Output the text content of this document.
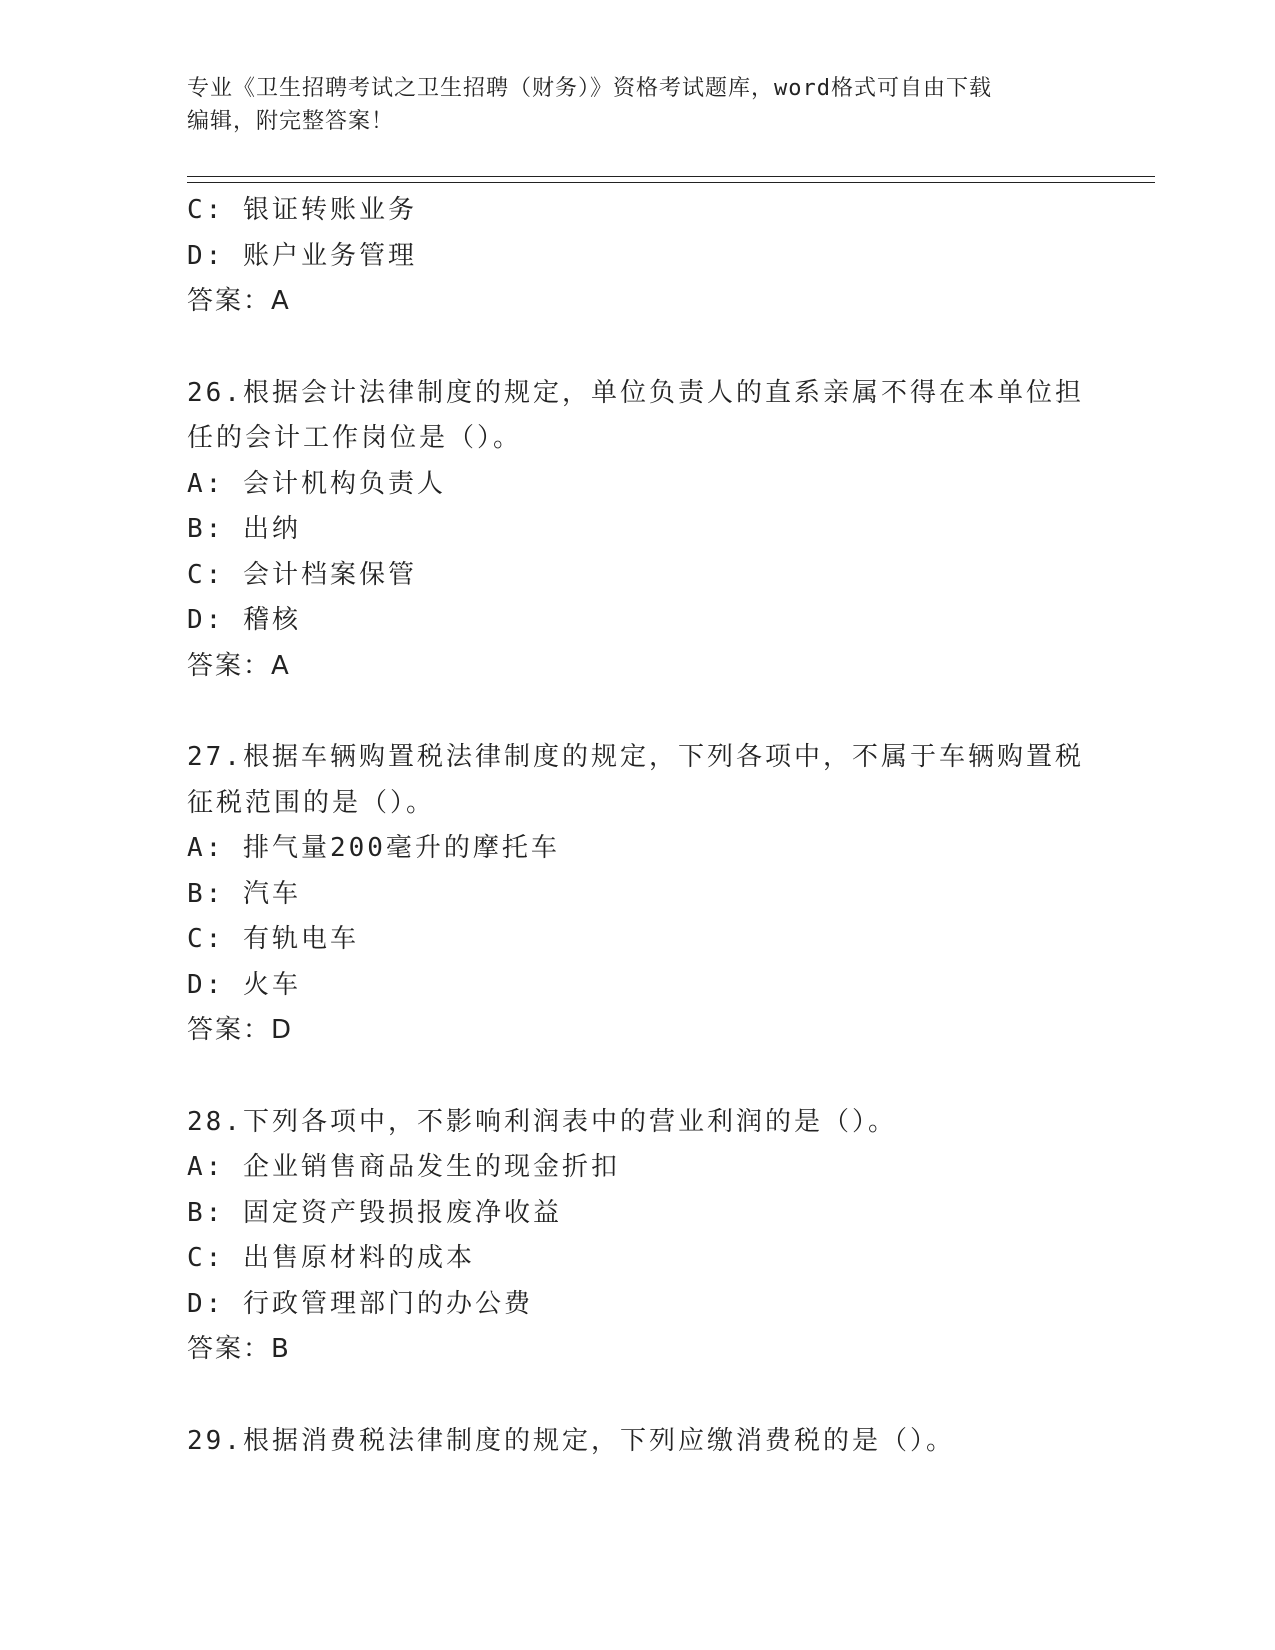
专业《卫生招聘考试之卫生招聘（财务）》资格考试题库，word格式可自由下载
编辑，附完整答案！
C: 银证转账业务
D: 账户业务管理
答案：A
26.根据会计法律制度的规定，单位负责人的直系亲属不得在本单位担
任的会计工作岗位是（）。
A: 会计机构负责人
B: 出纳
C: 会计档案保管
D: 稽核
答案：A
27.根据车辆购置税法律制度的规定，下列各项中，不属于车辆购置税
征税范围的是（）。
A: 排气量200毫升的摩托车
B: 汽车
C: 有轨电车
D: 火车
答案：D
28.下列各项中，不影响利润表中的营业利润的是（）。
A: 企业销售商品发生的现金折扣
B: 固定资产毁损报废净收益
C: 出售原材料的成本
D: 行政管理部门的办公费
答案：B
29.根据消费税法律制度的规定，下列应缴消费税的是（）。
